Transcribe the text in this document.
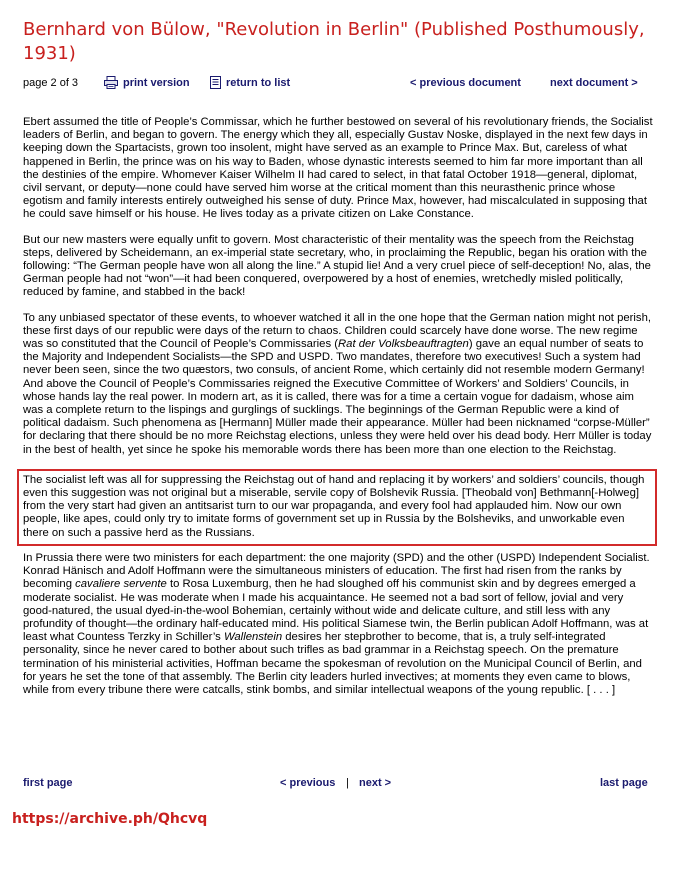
Bernhard von Bülow, "Revolution in Berlin" (Published Posthumously, 1931)
page 2 of 3	print version	return to list	< previous document	next document >

Ebert assumed the title of People’s Commissar, which he further bestowed on several of his revolutionary friends, the Socialist leaders of Berlin, and began to govern. The energy which they all, especially Gustav Noske, displayed in the next few days in keeping down the Spartacists, grown too insolent, might have served as an example to Prince Max. But, careless of what happened in Berlin, the prince was on his way to Baden, whose dynastic interests seemed to him far more important than all the destinies of the empire. Whomever Kaiser Wilhelm II had cared to select, in that fatal October 1918—general, diplomat, civil servant, or deputy—none could have served him worse at the critical moment than this neurasthenic prince whose egotism and family interests entirely outweighed his sense of duty. Prince Max, however, had miscalculated in supposing that he could save himself or his house. He lives today as a private citizen on Lake Constance.

But our new masters were equally unfit to govern. Most characteristic of their mentality was the speech from the Reichstag steps, delivered by Scheidemann, an ex-imperial state secretary, who, in proclaiming the Republic, began his oration with the following: “The German people have won all along the line.” A stupid lie! And a very cruel piece of self-deception! No, alas, the German people had not “won”—it had been conquered, overpowered by a host of enemies, wretchedly misled politically, reduced by famine, and stabbed in the back!

To any unbiased spectator of these events, to whoever watched it all in the one hope that the German nation might not perish, these first days of our republic were days of the return to chaos. Children could scarcely have done worse. The new regime was so constituted that the Council of People’s Commissaries (Rat der Volksbeauftragten) gave an equal number of seats to the Majority and Independent Socialists—the SPD and USPD. Two mandates, therefore two executives! Such a system had never been seen, since the two quæstors, two consuls, of ancient Rome, which certainly did not resemble modern Germany! And above the Council of People’s Commissaries reigned the Executive Committee of Workers’ and Soldiers’ Councils, in whose hands lay the real power. In modern art, as it is called, there was for a time a certain vogue for dadaism, whose aim was a complete return to the lispings and gurglings of sucklings. The beginnings of the German Republic were a kind of political dadaism. Such phenomena as [Hermann] Müller made their appearance. Müller had been nicknamed “corpse-Müller” for declaring that there should be no more Reichstag elections, unless they were held over his dead body. Herr Müller is today in the best of health, yet since he spoke his memorable words there has been more than one election to the Reichstag.

The socialist left was all for suppressing the Reichstag out of hand and replacing it by workers’ and soldiers’ councils, though even this suggestion was not original but a miserable, servile copy of Bolshevik Russia. [Theobald von] Bethmann[-Holweg] from the very start had given an antitsarist turn to our war propaganda, and every fool had applauded him. Now our own people, like apes, could only try to imitate forms of government set up in Russia by the Bolsheviks, and unworkable even there on such a passive herd as the Russians.

In Prussia there were two ministers for each department: the one majority (SPD) and the other (USPD) Independent Socialist. Konrad Hänisch and Adolf Hoffmann were the simultaneous ministers of education. The first had risen from the ranks by becoming cavaliere servente to Rosa Luxemburg, then he had sloughed off his communist skin and by degrees emerged a moderate socialist. He was moderate when I made his acquaintance. He seemed not a bad sort of fellow, jovial and very good-natured, the usual dyed-in-the-wool Bohemian, certainly without wide and delicate culture, and still less with any profundity of thought—the ordinary half-educated mind. His political Siamese twin, the Berlin publican Adolf Hoffmann, was at least what Countess Terzky in Schiller’s Wallenstein desires her stepbrother to become, that is, a truly self-integrated personality, since he never cared to bother about such trifles as bad grammar in a Reichstag speech. On the premature termination of his ministerial activities, Hoffman became the spokesman of revolution on the Municipal Council of Berlin, and for years he set the tone of that assembly. The Berlin city leaders hurled invectives; at moments they even came to blows, while from every tribune there were catcalls, stink bombs, and similar intellectual weapons of the young republic. [ . . . ]

first page	< previous | next >	last page
https://archive.ph/Qhcvq
